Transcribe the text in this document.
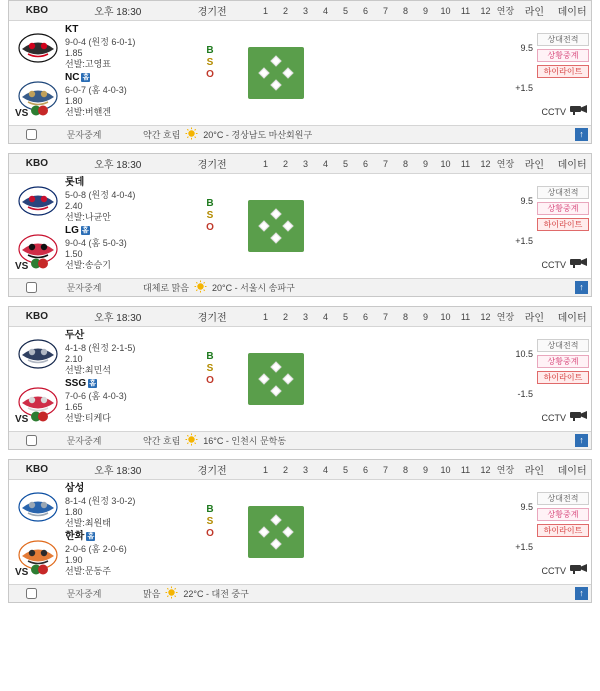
KBO	오후 18:30	경기전	1	2	3	4	5	6	7	8	9	10	11	12 연장	라인	데이터
KT
9-0-4 (원정 6-0-1)
1.85
선발:고영표
NC 홈
6-0-7 (홈 4-0-3)
1.80
선발:버핸겐
B
S
O
9.5
+1.5
상대전적
상황중계
하이라이트
CCTV
VS
문자중계	약간 흐림	20°C - 경상남도 마산회원구	↑
KBO	오후 18:30	경기전	1	2	3	4	5	6	7	8	9	10	11	12 연장	라인	데이터
롯데
5-0-8 (원정 4-0-4)
2.40
선발:나균안
LG 홈
9-0-4 (홈 5-0-3)
1.50
선발:송승기
B
S
O
9.5
+1.5
상대전적
상황중계
하이라이트
CCTV
VS
문자중계	대체로 맑음	20°C - 서울시 송파구	↑
KBO	오후 18:30	경기전	1	2	3	4	5	6	7	8	9	10	11	12 연장	라인	데이터
두산
4-1-8 (원정 2-1-5)
2.10
선발:최민석
SSG 홈
7-0-6 (홈 4-0-3)
1.65
선발:티케다
B
S
O
10.5
-1.5
상대전적
상황중계
하이라이트
CCTV
VS
문자중계	약간 흐림	16°C - 인천시 문학동	↑
KBO	오후 18:30	경기전	1	2	3	4	5	6	7	8	9	10	11	12 연장	라인	데이터
삼성
8-1-4 (원정 3-0-2)
1.80
선발:최원태
한화 홈
2-0-6 (홈 2-0-6)
1.90
선발:문동주
B
S
O
9.5
+1.5
상대전적
상황중계
하이라이트
CCTV
VS
문자중계	맑음	22°C - 대전 중구	↑
